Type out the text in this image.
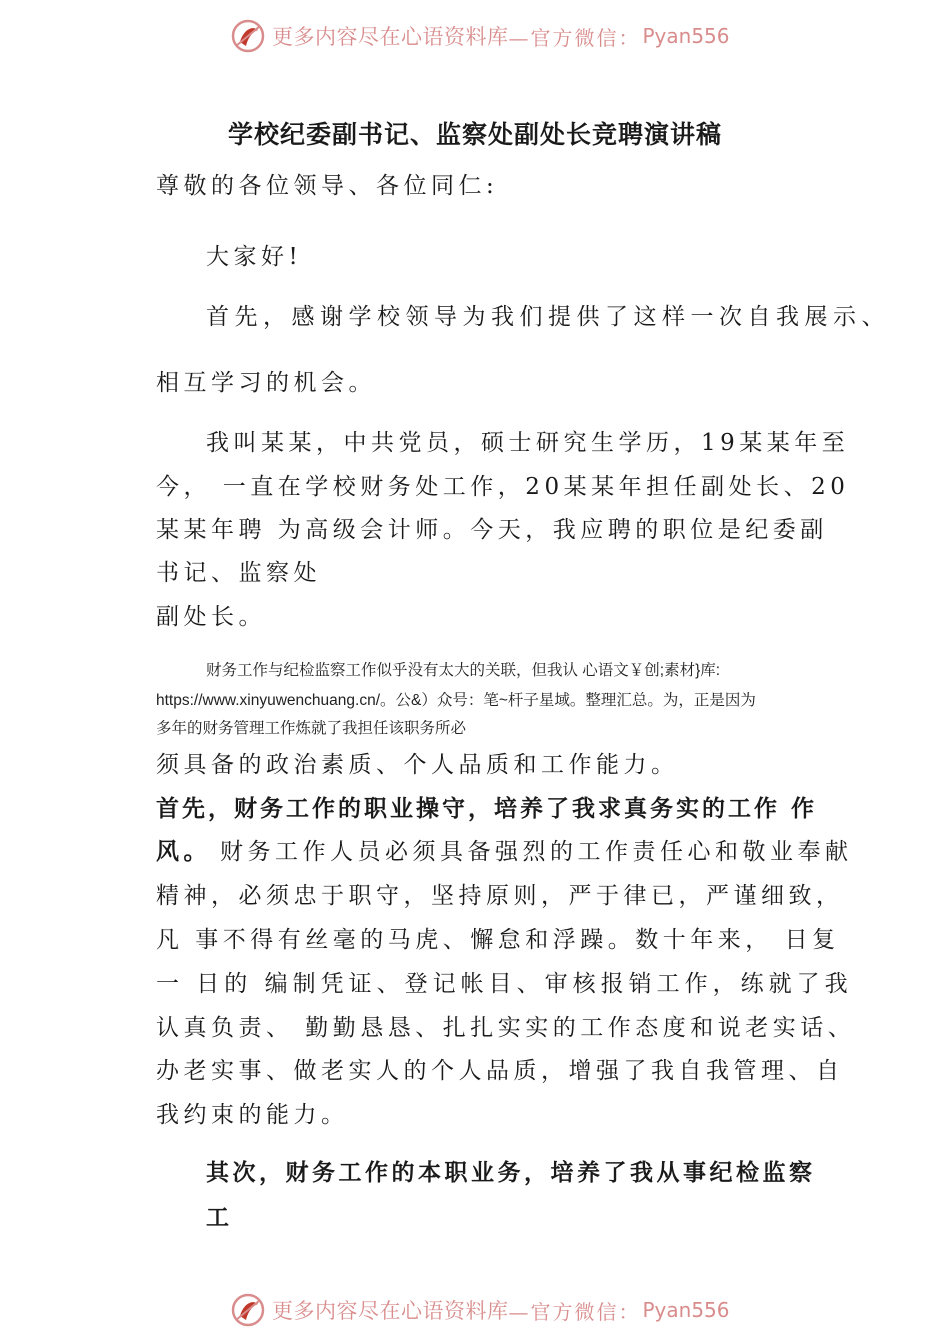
更多内容尽在心语资料库 —官方微信： Pyan556
学校纪委副书记、监察处副处长竞聘演讲稿
尊敬的各位领导、各位同仁:
大家好!
首先，感谢学校领导为我们提供了这样一次自我展示、
相互学习的机会。
我叫某某，中共党员，硕士研究生学历，19某某年至
今， 一直在学校财务处工作，20某某年担任副处长、20
某某年聘 为高级会计师。今天，我应聘的职位是纪委副
书记、监察处
副处长。
财务工作与纪检监察工作似乎没有太大的关联，但我认 心语文￥创;素材}库:
https://www.xinyuwenchuang.cn/。公&）众号：笔~杆子星域。整理汇总。为，正是因为
多年的财务管理工作炼就了我担任该职务所必
须具备的政治素质、个人品质和工作能力。
首先，财务工作的职业操守，培养了我求真务实的工作 作
风。 财务工作人员必须具备强烈的工作责任心和敬业奉献
精神，必须忠于职守，坚持原则，严于律已，严谨细致，
凡 事不得有丝毫的马虎、懈怠和浮躁。数十年来， 日复
一 日的 编制凭证、登记帐目、审核报销工作，练就了我
认真负责、 勤勤恳恳、扎扎实实的工作态度和说老实话、
办老实事、做老实人的个人品质，增强了我自我管理、自
我约束的能力。
其次，财务工作的本职业务，培养了我从事纪检监察
工
更多内容尽在心语资料库 —官方微信： Pyan556
